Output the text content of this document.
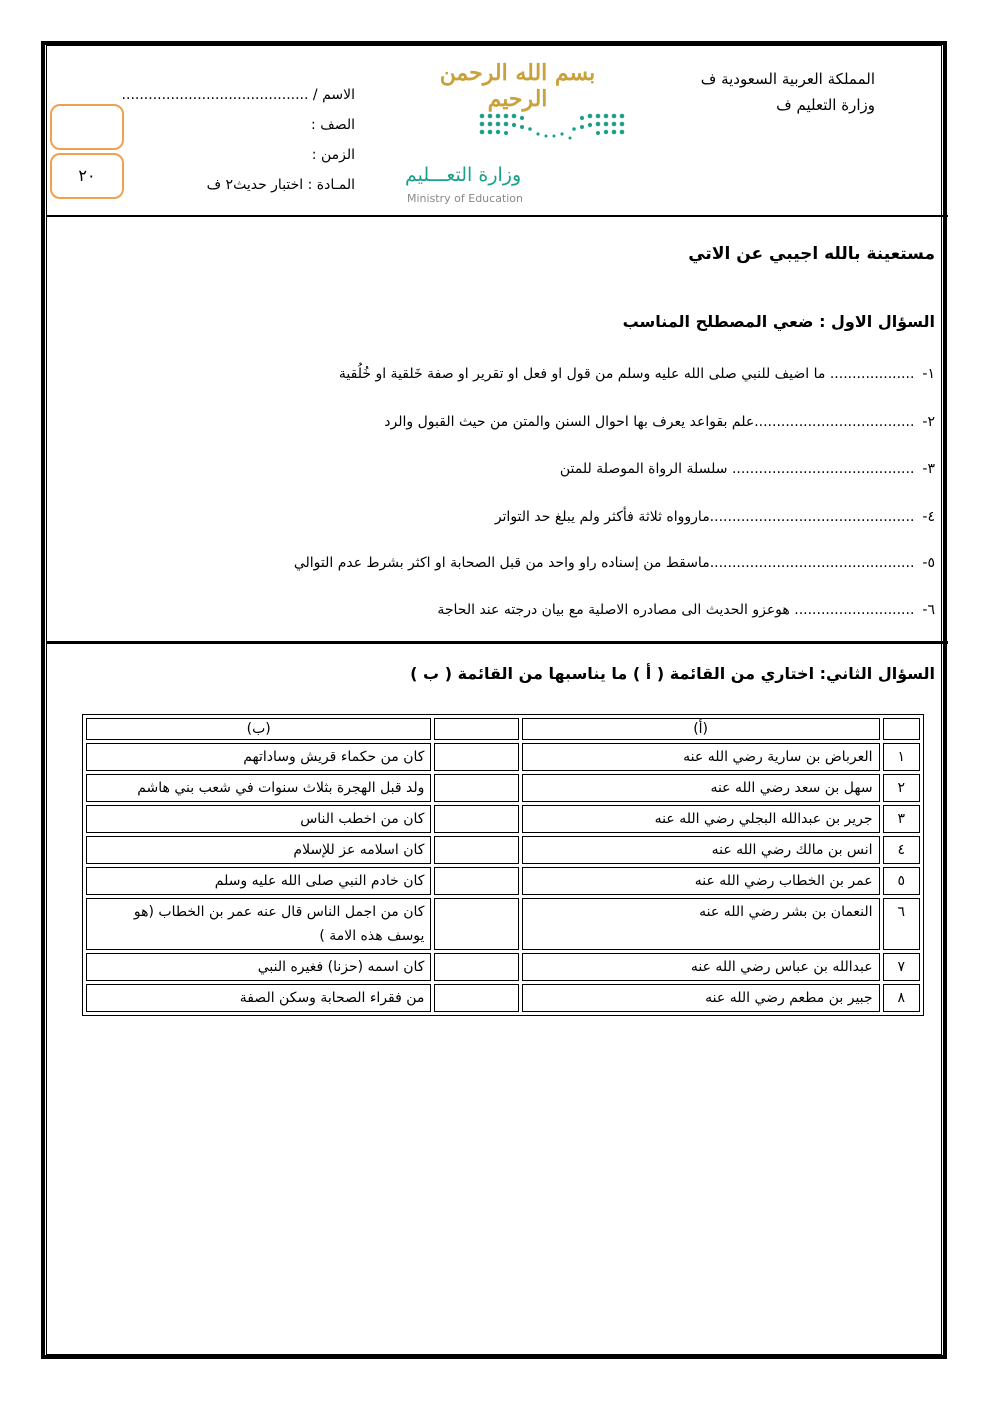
المملكة العربية السعودية ف
وزارة التعليم ف
بسم الله الرحمن الرحيم
وزارة التعـــليم
Ministry of Education
الاسم / ..........................................
الصف :
الزمن :
المـادة : اختبار حديث٢ ف
٢٠
مستعينة بالله اجيبي عن الاتي
السؤال الاول : ضعي المصطلح المناسب
١-................... ما اضيف للنبي صلى الله عليه وسلم من قول او فعل او تقرير او صفة خَلقية او خُلُقية
٢-....................................علم بقواعد يعرف بها احوال السنن والمتن من حيث القبول والرد
٣-......................................... سلسلة الرواة الموصلة للمتن
٤-..............................................ماروواه ثلاثة فأكثر ولم يبلغ حد التواتر
٥-..............................................ماسقط من إسناده راو واحد من قبل الصحابة او اكثر بشرط عدم التوالي
٦-........................... هوعزو الحديث الى مصادره الاصلية مع بيان درجته عند الحاجة
السؤال الثاني: اختاري من القائمة ( أ ) ما يناسبها من القائمة ( ب )
	(أ)		(ب)
١	العرباض بن سارية رضي الله عنه		كان من حكماء قريش وساداتهم
٢	سهل بن سعد رضي الله عنه		ولد قبل الهجرة بثلاث سنوات في شعب بني هاشم
٣	جرير بن عبدالله البجلي رضي الله عنه		كان من اخطب الناس
٤	انس بن مالك رضي الله عنه		كان اسلامه عز للإسلام
٥	عمر بن الخطاب رضي الله عنه		كان خادم النبي صلى الله عليه وسلم
٦	النعمان بن بشر رضي الله عنه		كان من اجمل الناس قال عنه عمر بن الخطاب (هو يوسف هذه الامة )
٧	عبدالله بن عباس رضي الله عنه		كان اسمه (حزنا) فغيره النبي
٨	جبير بن مطعم رضي الله عنه		من فقراء الصحابة وسكن الصفة
